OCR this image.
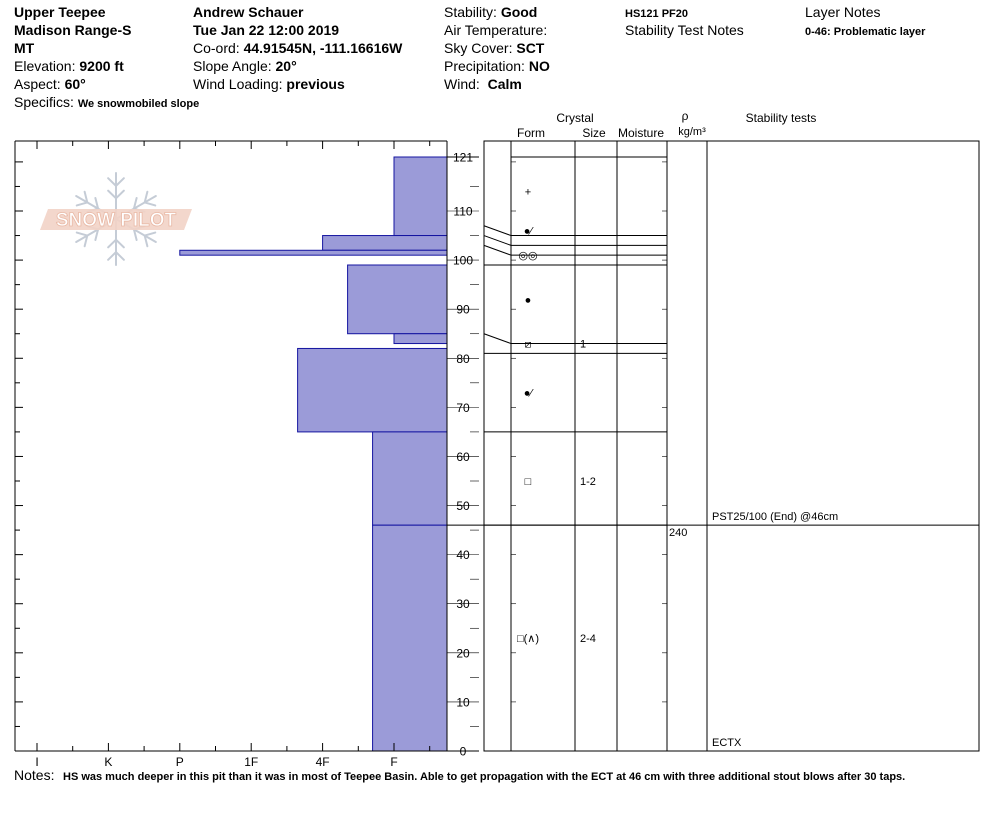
Upper Teepee
Madison Range-S
MT
Elevation: 9200 ft
Aspect: 60°
Specifics: We snowmobiled slope
Andrew Schauer
Tue Jan 22 12:00 2019
Co-ord: 44.91545N, -111.16616W
Slope Angle: 20°
Wind Loading: previous
Stability: Good
Air Temperature:
Sky Cover: SCT
Precipitation: NO
Wind: Calm
HS121 PF20
Stability Test Notes
Layer Notes
0-46: Problematic layer
SNOW PILOT
I	K	P	1F	4F	F
0
10
20
30
40
50
60
70
80
90
100
110
121
+
●⁄
◎◎
●
⧄	1
●⁄
□	1-2
□(∧)	2-4
240
PST25/100 (End) @46cm
ECTX
Crystal
Form	Size Moisture
ρ
kg/m³
Stability tests
Notes: HS was much deeper in this pit than it was in most of Teepee Basin. Able to get propagation with the ECT at 46 cm with three additional stout blows after 30 taps.
